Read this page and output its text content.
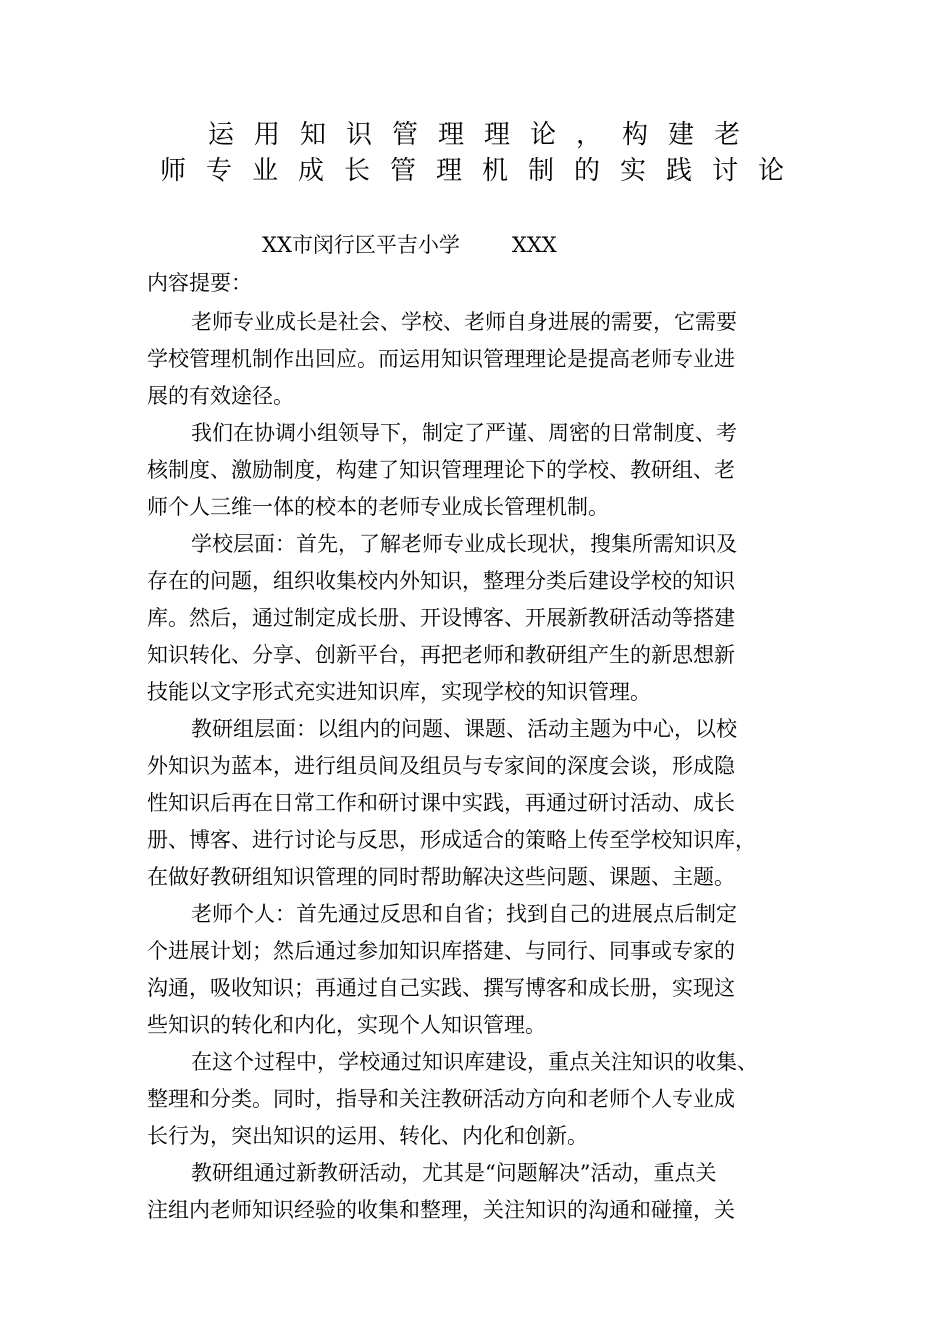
运用知识管理理论，构建老
师专业成长管理机制的实践讨论
XX市闵行区平吉小学 XXX
内容提要：

老师专业成长是社会、学校、老师自身进展的需要，它需要
学校管理机制作出回应。而运用知识管理理论是提高老师专业进
展的有效途径。

我们在协调小组领导下，制定了严谨、周密的日常制度、考
核制度、激励制度，构建了知识管理理论下的学校、教研组、老
师个人三维一体的校本的老师专业成长管理机制。

学校层面：首先，了解老师专业成长现状，搜集所需知识及
存在的问题，组织收集校内外知识，整理分类后建设学校的知识
库。然后，通过制定成长册、开设博客、开展新教研活动等搭建
知识转化、分享、创新平台，再把老师和教研组产生的新思想新
技能以文字形式充实进知识库，实现学校的知识管理。

教研组层面：以组内的问题、课题、活动主题为中心，以校
外知识为蓝本，进行组员间及组员与专家间的深度会谈，形成隐
性知识后再在日常工作和研讨课中实践，再通过研讨活动、成长
册、博客、进行讨论与反思，形成适合的策略上传至学校知识库，
在做好教研组知识管理的同时帮助解决这些问题、课题、主题。

老师个人：首先通过反思和自省；找到自己的进展点后制定
个进展计划；然后通过参加知识库搭建、与同行、同事或专家的
沟通，吸收知识；再通过自己实践、撰写博客和成长册，实现这
些知识的转化和内化，实现个人知识管理。

在这个过程中，学校通过知识库建设，重点关注知识的收集、
整理和分类。同时，指导和关注教研活动方向和老师个人专业成
长行为，突出知识的运用、转化、内化和创新。

教研组通过新教研活动，尤其是“问题解决”活动，重点关
注组内老师知识经验的收集和整理，关注知识的沟通和碰撞，关
